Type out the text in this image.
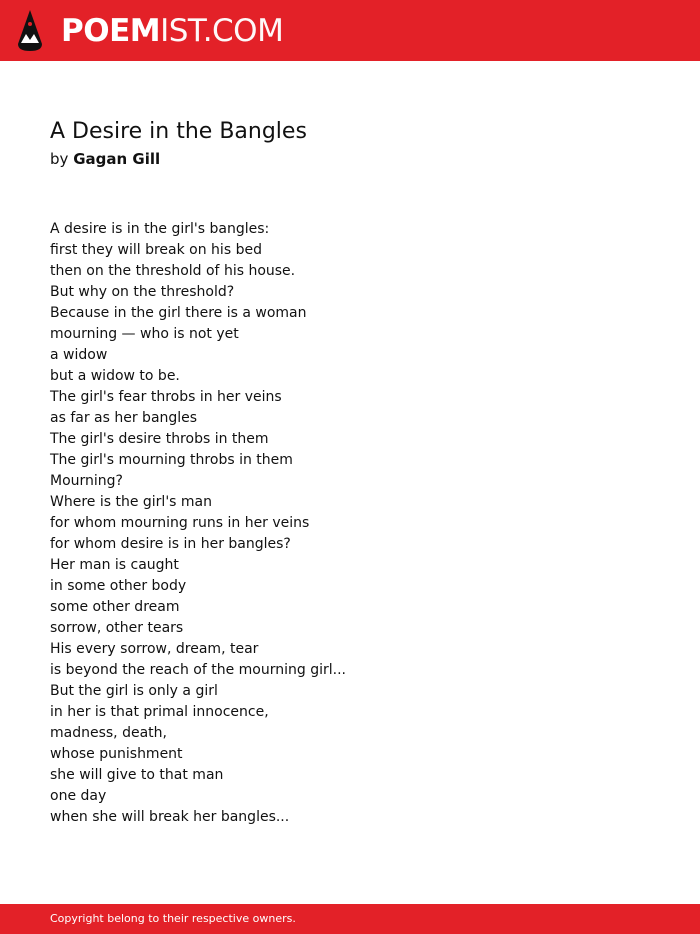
POEMIST.COM
A Desire in the Bangles
by Gagan Gill
A desire is in the girl's bangles:
first they will break on his bed
then on the threshold of his house.
But why on the threshold?
Because in the girl there is a woman
mourning — who is not yet
a widow
but a widow to be.
The girl's fear throbs in her veins
as far as her bangles
The girl's desire throbs in them
The girl's mourning throbs in them
Mourning?
Where is the girl's man
for whom mourning runs in her veins
for whom desire is in her bangles?
Her man is caught
in some other body
some other dream
sorrow, other tears
His every sorrow, dream, tear
is beyond the reach of the mourning girl...
But the girl is only a girl
in her is that primal innocence,
madness, death,
whose punishment
she will give to that man
one day
when she will break her bangles...
Copyright belong to their respective owners.
